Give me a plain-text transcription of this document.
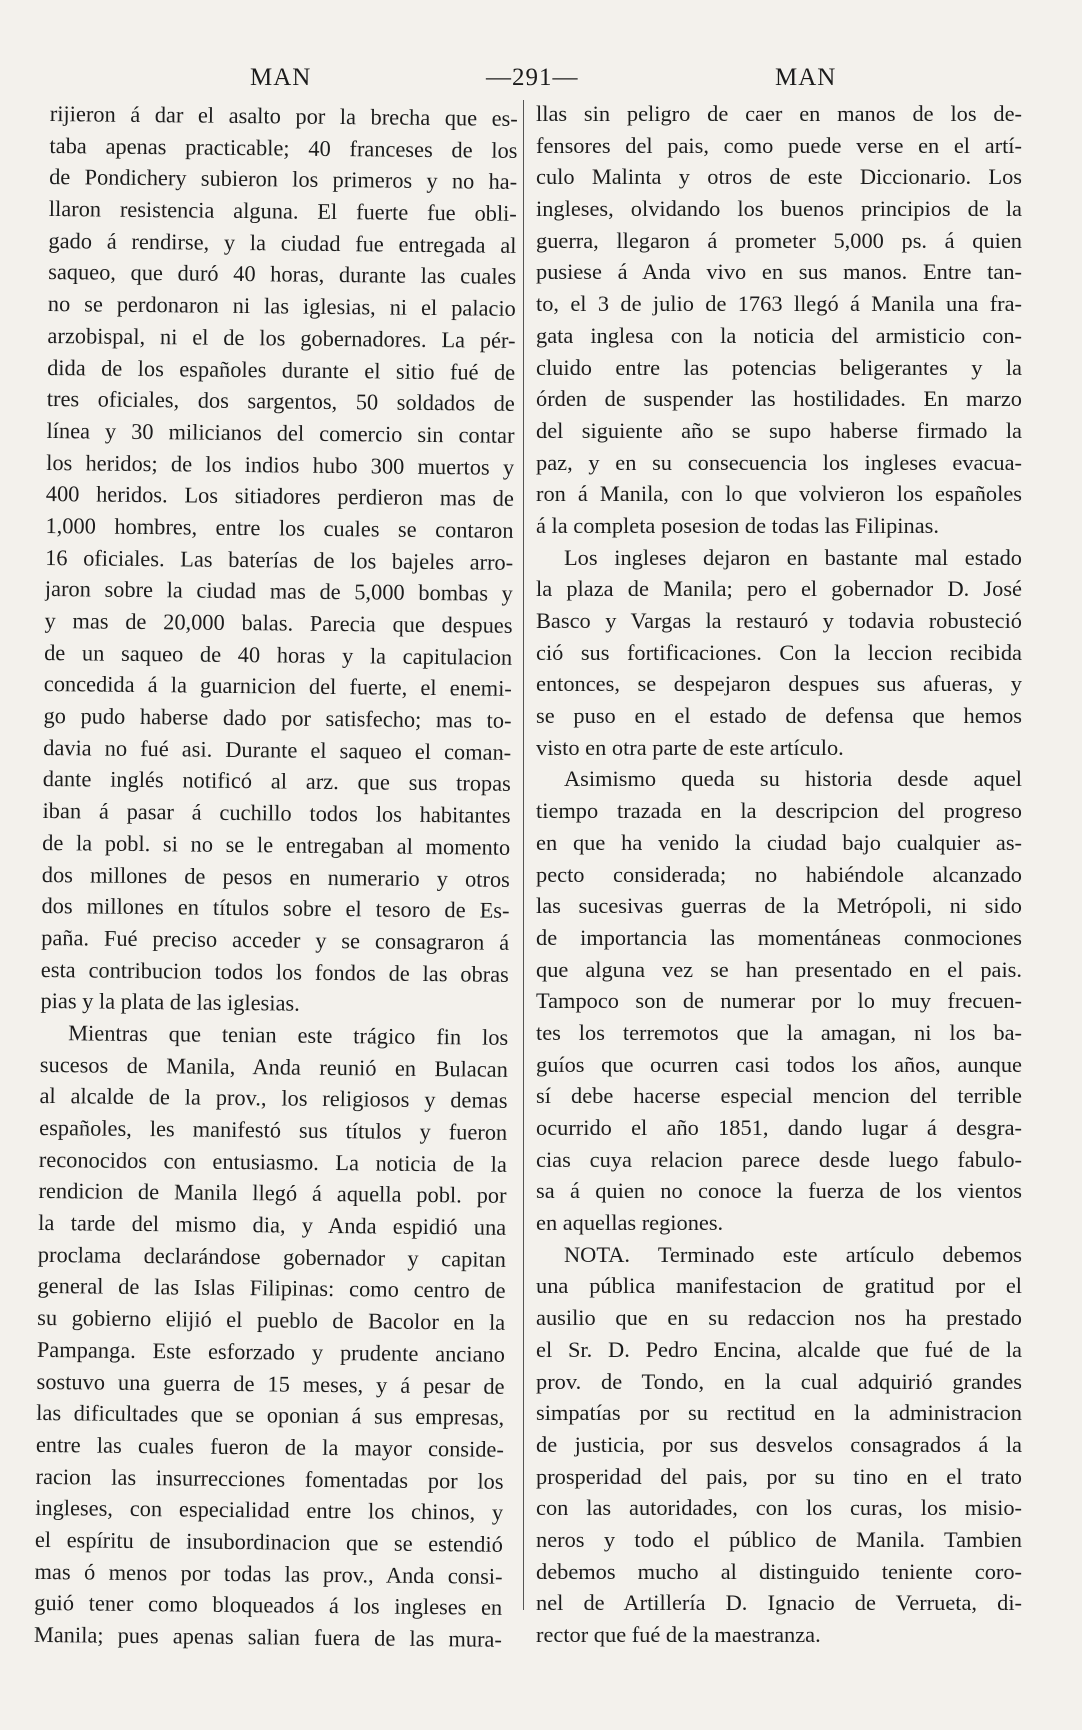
MAN	—291—	MAN
rijieron á dar el asalto por la brecha que es-
taba apenas practicable; 40 franceses de los
de Pondichery subieron los primeros y no ha-
llaron resistencia alguna. El fuerte fue obli-
gado á rendirse, y la ciudad fue entregada al
saqueo, que duró 40 horas, durante las cuales
no se perdonaron ni las iglesias, ni el palacio
arzobispal, ni el de los gobernadores. La pér-
dida de los españoles durante el sitio fué de
tres oficiales, dos sargentos, 50 soldados de
línea y 30 milicianos del comercio sin contar
los heridos; de los indios hubo 300 muertos y
400 heridos. Los sitiadores perdieron mas de
1,000 hombres, entre los cuales se contaron
16 oficiales. Las baterías de los bajeles arro-
jaron sobre la ciudad mas de 5,000 bombas y
y mas de 20,000 balas. Parecia que despues
de un saqueo de 40 horas y la capitulacion
concedida á la guarnicion del fuerte, el enemi-
go pudo haberse dado por satisfecho; mas to-
davia no fué asi. Durante el saqueo el coman-
dante inglés notificó al arz. que sus tropas
iban á pasar á cuchillo todos los habitantes
de la pobl. si no se le entregaban al momento
dos millones de pesos en numerario y otros
dos millones en títulos sobre el tesoro de Es-
paña. Fué preciso acceder y se consagraron á
esta contribucion todos los fondos de las obras
pias y la plata de las iglesias.
Mientras que tenian este trágico fin los
sucesos de Manila, Anda reunió en Bulacan
al alcalde de la prov., los religiosos y demas
españoles, les manifestó sus títulos y fueron
reconocidos con entusiasmo. La noticia de la
rendicion de Manila llegó á aquella pobl. por
la tarde del mismo dia, y Anda espidió una
proclama declarándose gobernador y capitan
general de las Islas Filipinas: como centro de
su gobierno elijió el pueblo de Bacolor en la
Pampanga. Este esforzado y prudente anciano
sostuvo una guerra de 15 meses, y á pesar de
las dificultades que se oponian á sus empresas,
entre las cuales fueron de la mayor conside-
racion las insurrecciones fomentadas por los
ingleses, con especialidad entre los chinos, y
el espíritu de insubordinacion que se estendió
mas ó menos por todas las prov., Anda consi-
guió tener como bloqueados á los ingleses en
Manila; pues apenas salian fuera de las mura-
llas sin peligro de caer en manos de los de-
fensores del pais, como puede verse en el artí-
culo Malinta y otros de este Diccionario. Los
ingleses, olvidando los buenos principios de la
guerra, llegaron á prometer 5,000 ps. á quien
pusiese á Anda vivo en sus manos. Entre tan-
to, el 3 de julio de 1763 llegó á Manila una fra-
gata inglesa con la noticia del armisticio con-
cluido entre las potencias beligerantes y la
órden de suspender las hostilidades. En marzo
del siguiente año se supo haberse firmado la
paz, y en su consecuencia los ingleses evacua-
ron á Manila, con lo que volvieron los españoles
á la completa posesion de todas las Filipinas.
Los ingleses dejaron en bastante mal estado
la plaza de Manila; pero el gobernador D. José
Basco y Vargas la restauró y todavia robusteció
ció sus fortificaciones. Con la leccion recibida
entonces, se despejaron despues sus afueras, y
se puso en el estado de defensa que hemos
visto en otra parte de este artículo.
Asimismo queda su historia desde aquel
tiempo trazada en la descripcion del progreso
en que ha venido la ciudad bajo cualquier as-
pecto considerada; no habiéndole alcanzado
las sucesivas guerras de la Metrópoli, ni sido
de importancia las momentáneas conmociones
que alguna vez se han presentado en el pais.
Tampoco son de numerar por lo muy frecuen-
tes los terremotos que la amagan, ni los ba-
guíos que ocurren casi todos los años, aunque
sí debe hacerse especial mencion del terrible
ocurrido el año 1851, dando lugar á desgra-
cias cuya relacion parece desde luego fabulo-
sa á quien no conoce la fuerza de los vientos
en aquellas regiones.
NOTA. Terminado este artículo debemos
una pública manifestacion de gratitud por el
ausilio que en su redaccion nos ha prestado
el Sr. D. Pedro Encina, alcalde que fué de la
prov. de Tondo, en la cual adquirió grandes
simpatías por su rectitud en la administracion
de justicia, por sus desvelos consagrados á la
prosperidad del pais, por su tino en el trato
con las autoridades, con los curas, los misio-
neros y todo el público de Manila. Tambien
debemos mucho al distinguido teniente coro-
nel de Artillería D. Ignacio de Verrueta, di-
rector que fué de la maestranza.
